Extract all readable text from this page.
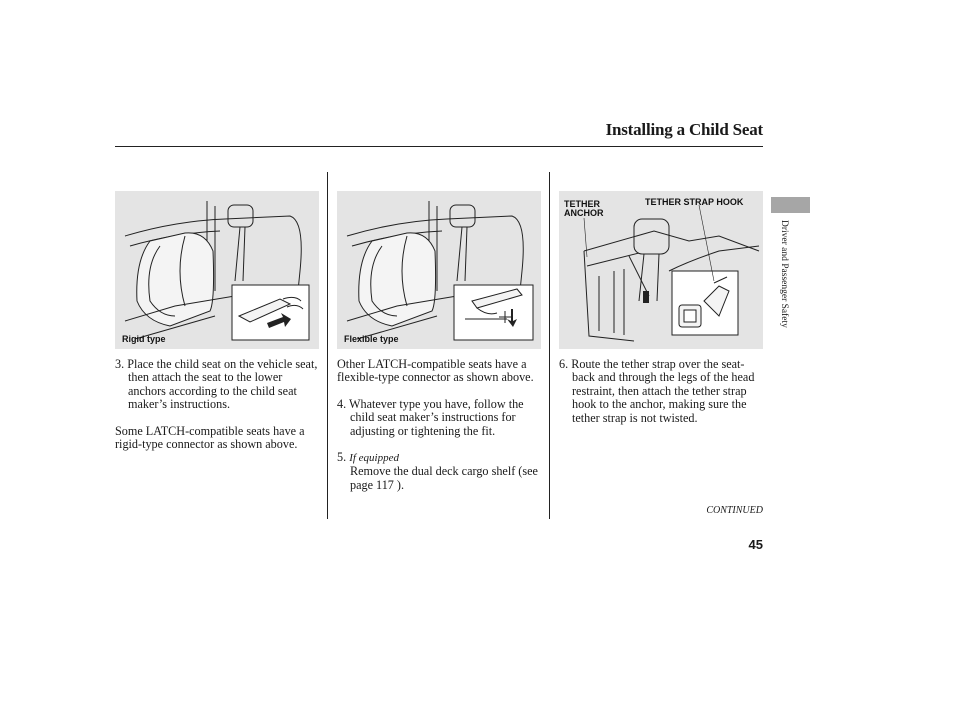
Installing a Child Seat
Rigid type	Flexible type
TETHER
ANCHOR
TETHER STRAP HOOK
3. Place the child seat on the vehicle seat, then attach the seat to the lower anchors according to the child seat maker’s instructions.
Some LATCH-compatible seats have a rigid-type connector as shown above.
Other LATCH-compatible seats have a flexible-type connector as shown above.
4. Whatever type you have, follow the child seat maker’s instructions for adjusting or tightening the fit.
5. If equipped
Remove the dual deck cargo shelf (see page 117 ).
6. Route the tether strap over the seat-back and through the legs of the head restraint, then attach the tether strap hook to the anchor, making sure the tether strap is not twisted.
Driver and Passenger Safety
CONTINUED
45
